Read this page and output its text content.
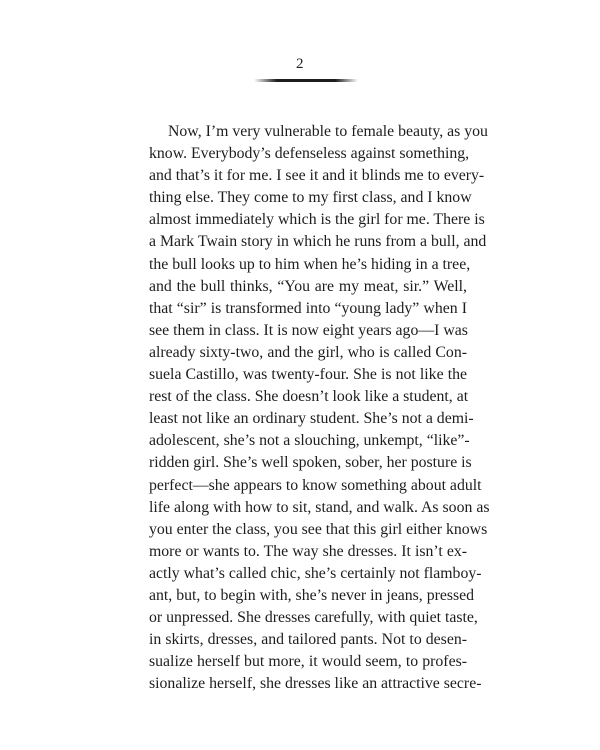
2
Now, I’m very vulnerable to female beauty, as you
know. Everybody’s defenseless against something,
and that’s it for me. I see it and it blinds me to every-
thing else. They come to my first class, and I know
almost immediately which is the girl for me. There is
a Mark Twain story in which he runs from a bull, and
the bull looks up to him when he’s hiding in a tree,
and the bull thinks, “You are my meat, sir.” Well,
that “sir” is transformed into “young lady” when I
see them in class. It is now eight years ago—I was
already sixty-two, and the girl, who is called Con-
suela Castillo, was twenty-four. She is not like the
rest of the class. She doesn’t look like a student, at
least not like an ordinary student. She’s not a demi-
adolescent, she’s not a slouching, unkempt, “like”-
ridden girl. She’s well spoken, sober, her posture is
perfect—she appears to know something about adult
life along with how to sit, stand, and walk. As soon as
you enter the class, you see that this girl either knows
more or wants to. The way she dresses. It isn’t ex-
actly what’s called chic, she’s certainly not flamboy-
ant, but, to begin with, she’s never in jeans, pressed
or unpressed. She dresses carefully, with quiet taste,
in skirts, dresses, and tailored pants. Not to desen-
sualize herself but more, it would seem, to profes-
sionalize herself, she dresses like an attractive secre-
